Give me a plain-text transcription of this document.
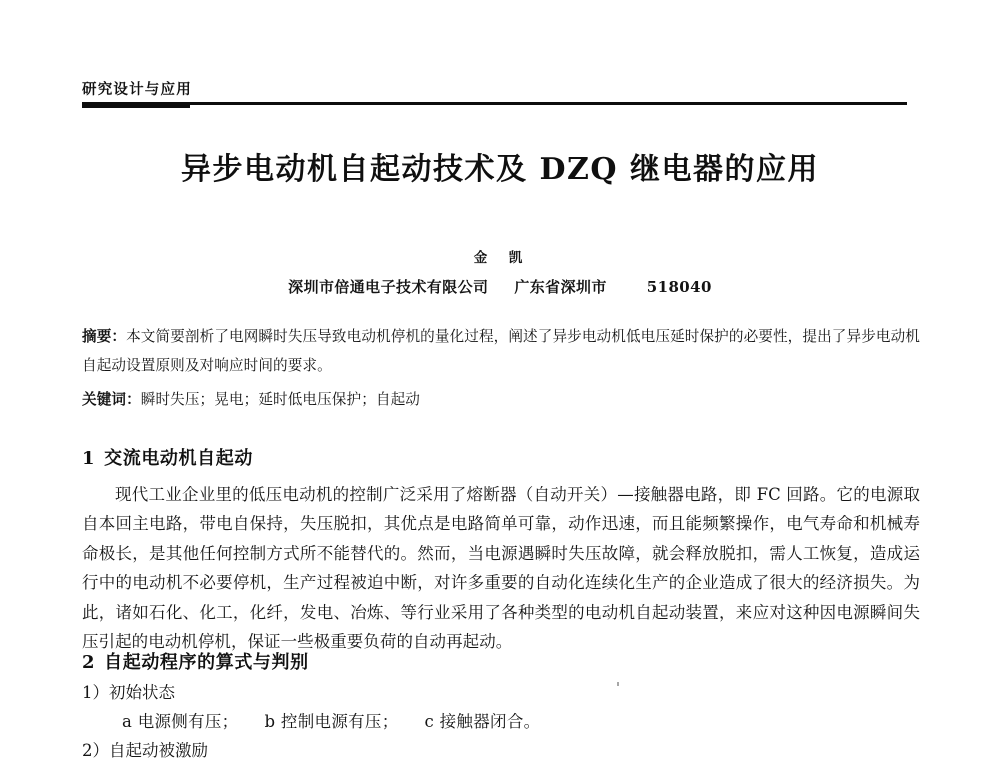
研究设计与应用
异步电动机自起动技术及 DZQ 继电器的应用
金　凯
深圳市倍通电子技术有限公司 广东省深圳市	518040
摘要：本文简要剖析了电网瞬时失压导致电动机停机的量化过程，阐述了异步电动机低电压延时保护的必要性，提出了异步电动机自起动设置原则及对响应时间的要求。
关键词：瞬时失压；晃电；延时低电压保护；自起动
1 交流电动机自起动

现代工业企业里的低压电动机的控制广泛采用了熔断器（自动开关）—接触器电路，即 FC 回路。它的电源取自本回主电路，带电自保持，失压脱扣，其优点是电路简单可靠，动作迅速，而且能频繁操作，电气寿命和机械寿命极长，是其他任何控制方式所不能替代的。然而，当电源遇瞬时失压故障，就会释放脱扣，需人工恢复，造成运行中的电动机不必要停机，生产过程被迫中断，对许多重要的自动化连续化生产的企业造成了很大的经济损失。为此，诸如石化、化工，化纤，发电、冶炼、等行业采用了各种类型的电动机自起动装置，来应对这种因电源瞬间失压引起的电动机停机，保证一些极重要负荷的自动再起动。

2 自起动程序的算式与判别
1）初始状态
a 电源侧有压； b 控制电源有压； c 接触器闭合。
2）自起动被激励
